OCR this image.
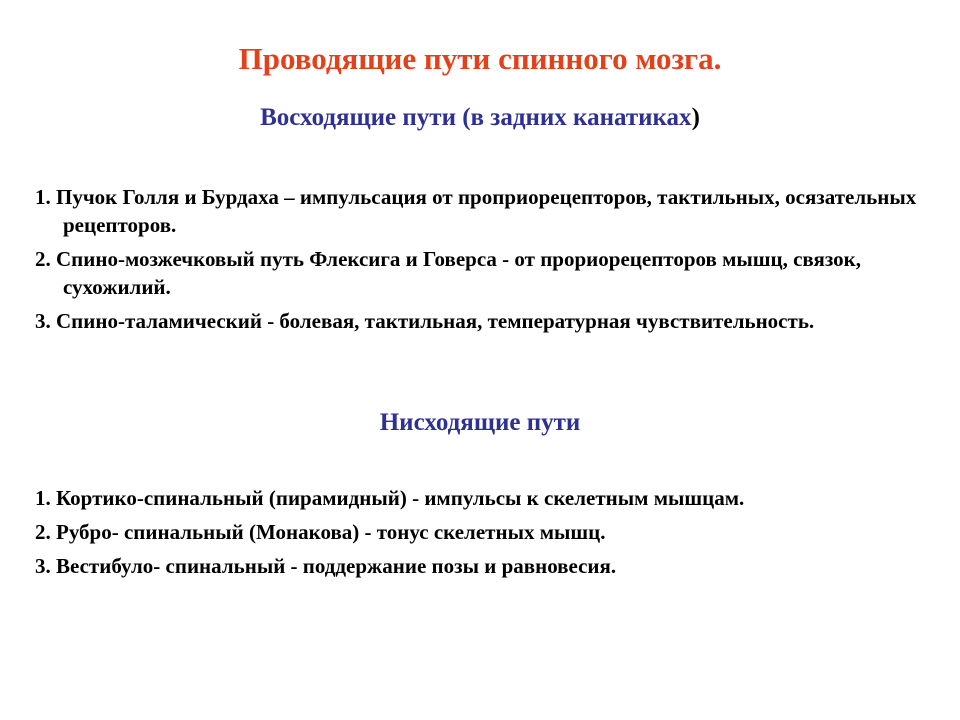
Проводящие пути спинного мозга.
Восходящие пути (в задних канатиках)
1. Пучок Голля и Бурдаха – импульсация от проприорецепторов, тактильных, осязательных рецепторов.
2. Спино-мозжечковый путь Флексига и Говерса - от прориорецепторов мышц, связок, сухожилий.
3. Спино-таламический - болевая, тактильная, температурная чувствительность.
Нисходящие пути
1. Кортико-спинальный (пирамидный) - импульсы к скелетным мышцам.
2. Рубро- спинальный (Монакова) - тонус скелетных мышц.
3. Вестибуло- спинальный - поддержание позы и равновесия.
